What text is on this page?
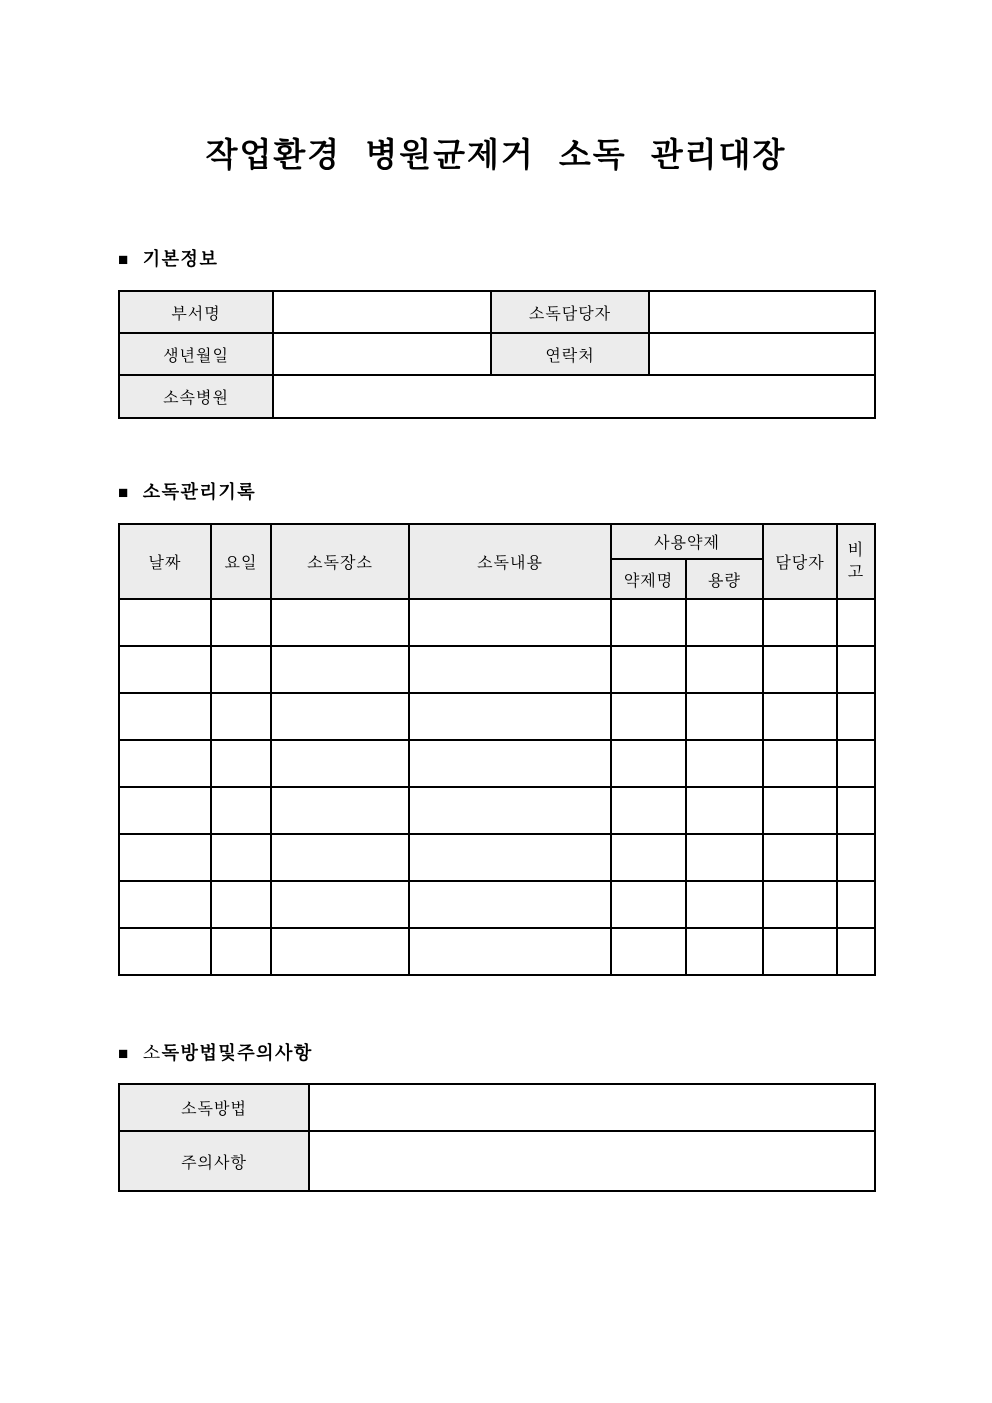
작업환경 병원균제거 소독 관리대장
■ 기본정보
부서명		소독담당자	
생년월일		연락처	
소속병원			
■ 소독관리기록
날짜	요일	소독장소	소독내용	사용약제		담당자	비고

				약제명	용량		

■ 소독방법및주의사항
소독방법	
주의사항	
